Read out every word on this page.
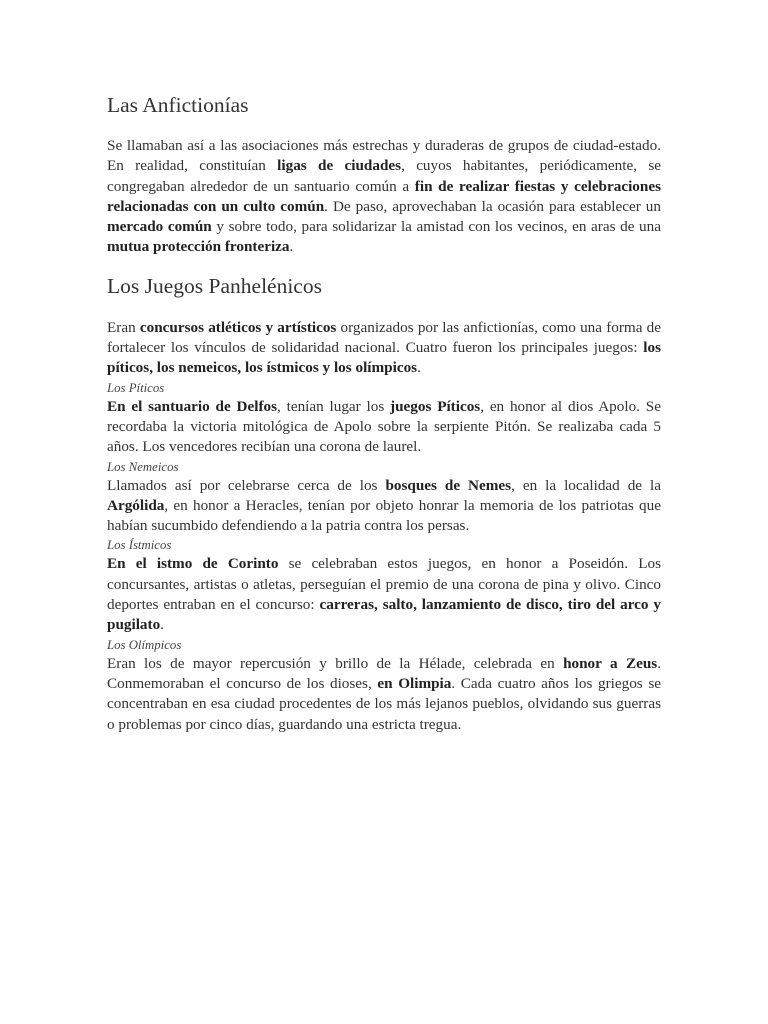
Las Anfictionías

Se llamaban así a las asociaciones más estrechas y duraderas de grupos de ciudad-estado. En realidad, constituían ligas de ciudades, cuyos habitantes, periódicamente, se congregaban alrededor de un santuario común a fin de realizar fiestas y celebraciones relacionadas con un culto común. De paso, aprovechaban la ocasión para establecer un mercado común y sobre todo, para solidarizar la amistad con los vecinos, en aras de una mutua protección fronteriza.

Los Juegos Panhelénicos

Eran concursos atléticos y artísticos organizados por las anfictionías, como una forma de fortalecer los vínculos de solidaridad nacional. Cuatro fueron los principales juegos: los píticos, los nemeicos, los ístmicos y los olímpicos.

Los Píticos

En el santuario de Delfos, tenían lugar los juegos Píticos, en honor al dios Apolo. Se recordaba la victoria mitológica de Apolo sobre la serpiente Pitón. Se realizaba cada 5 años. Los vencedores recibían una corona de laurel.

Los Nemeicos

Llamados así por celebrarse cerca de los bosques de Nemes, en la localidad de la Argólida, en honor a Heracles, tenían por objeto honrar la memoria de los patriotas que habían sucumbido defendiendo a la patria contra los persas.

Los Ístmicos

En el istmo de Corinto se celebraban estos juegos, en honor a Poseidón. Los concursantes, artistas o atletas, perseguían el premio de una corona de pina y olivo. Cinco deportes entraban en el concurso: carreras, salto, lanzamiento de disco, tiro del arco y pugilato.

Los Olímpicos

Eran los de mayor repercusión y brillo de la Hélade, celebrada en honor a Zeus. Conmemoraban el concurso de los dioses, en Olimpia. Cada cuatro años los griegos se concentraban en esa ciudad procedentes de los más lejanos pueblos, olvidando sus guerras o problemas por cinco días, guardando una estricta tregua.
